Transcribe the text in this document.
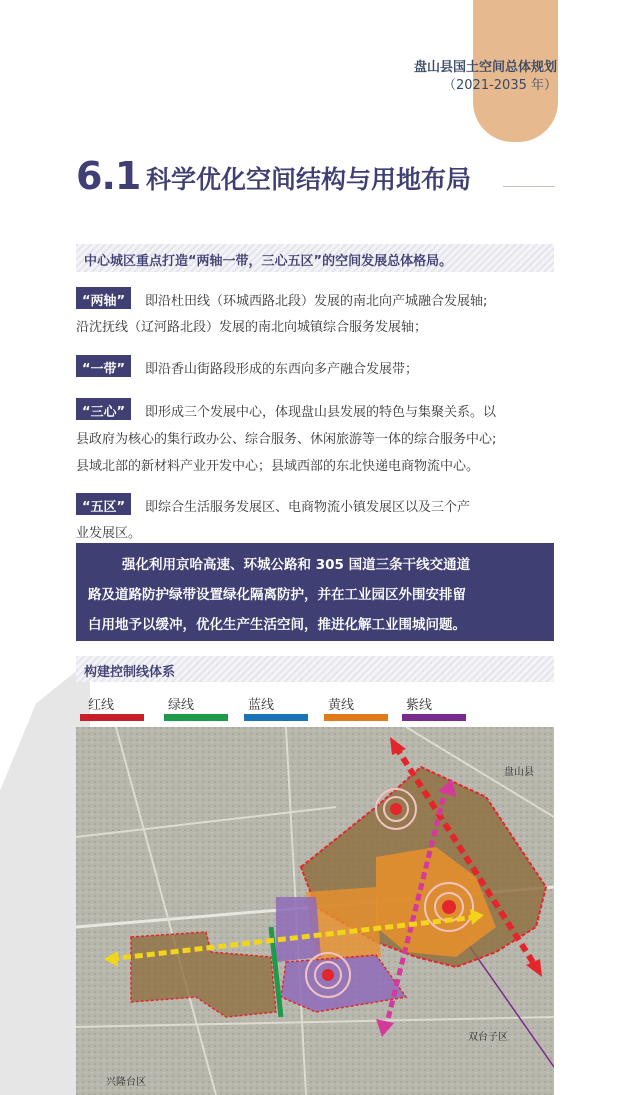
盘山县国土空间总体规划
（2021-2035 年）
6.1 科学优化空间结构与用地布局
中心城区重点打造“两轴一带，三心五区”的空间发展总体格局。
“两轴”	即沿杜田线（环城西路北段）发展的南北向产城融合发展轴;
沿沈抚线（辽河路北段）发展的南北向城镇综合服务发展轴；
“一带”	即沿香山街路段形成的东西向多产融合发展带；
“三心”	即形成三个发展中心，体现盘山县发展的特色与集聚关系。以
县政府为核心的集行政办公、综合服务、休闲旅游等一体的综合服务中心;
县域北部的新材料产业开发中心；县域西部的东北快递电商物流中心。
“五区”	即综合生活服务发展区、电商物流小镇发展区以及三个产
业发展区。
强化利用京哈高速、环城公路和 305 国道三条干线交通道
路及道路防护绿带设置绿化隔离防护，并在工业园区外围安排留
白用地予以缓冲，优化生产生活空间，推进化解工业围城问题。
构建控制线体系
红线	绿线	蓝线	黄线	紫线
盘山县
双台子区
兴隆台区
